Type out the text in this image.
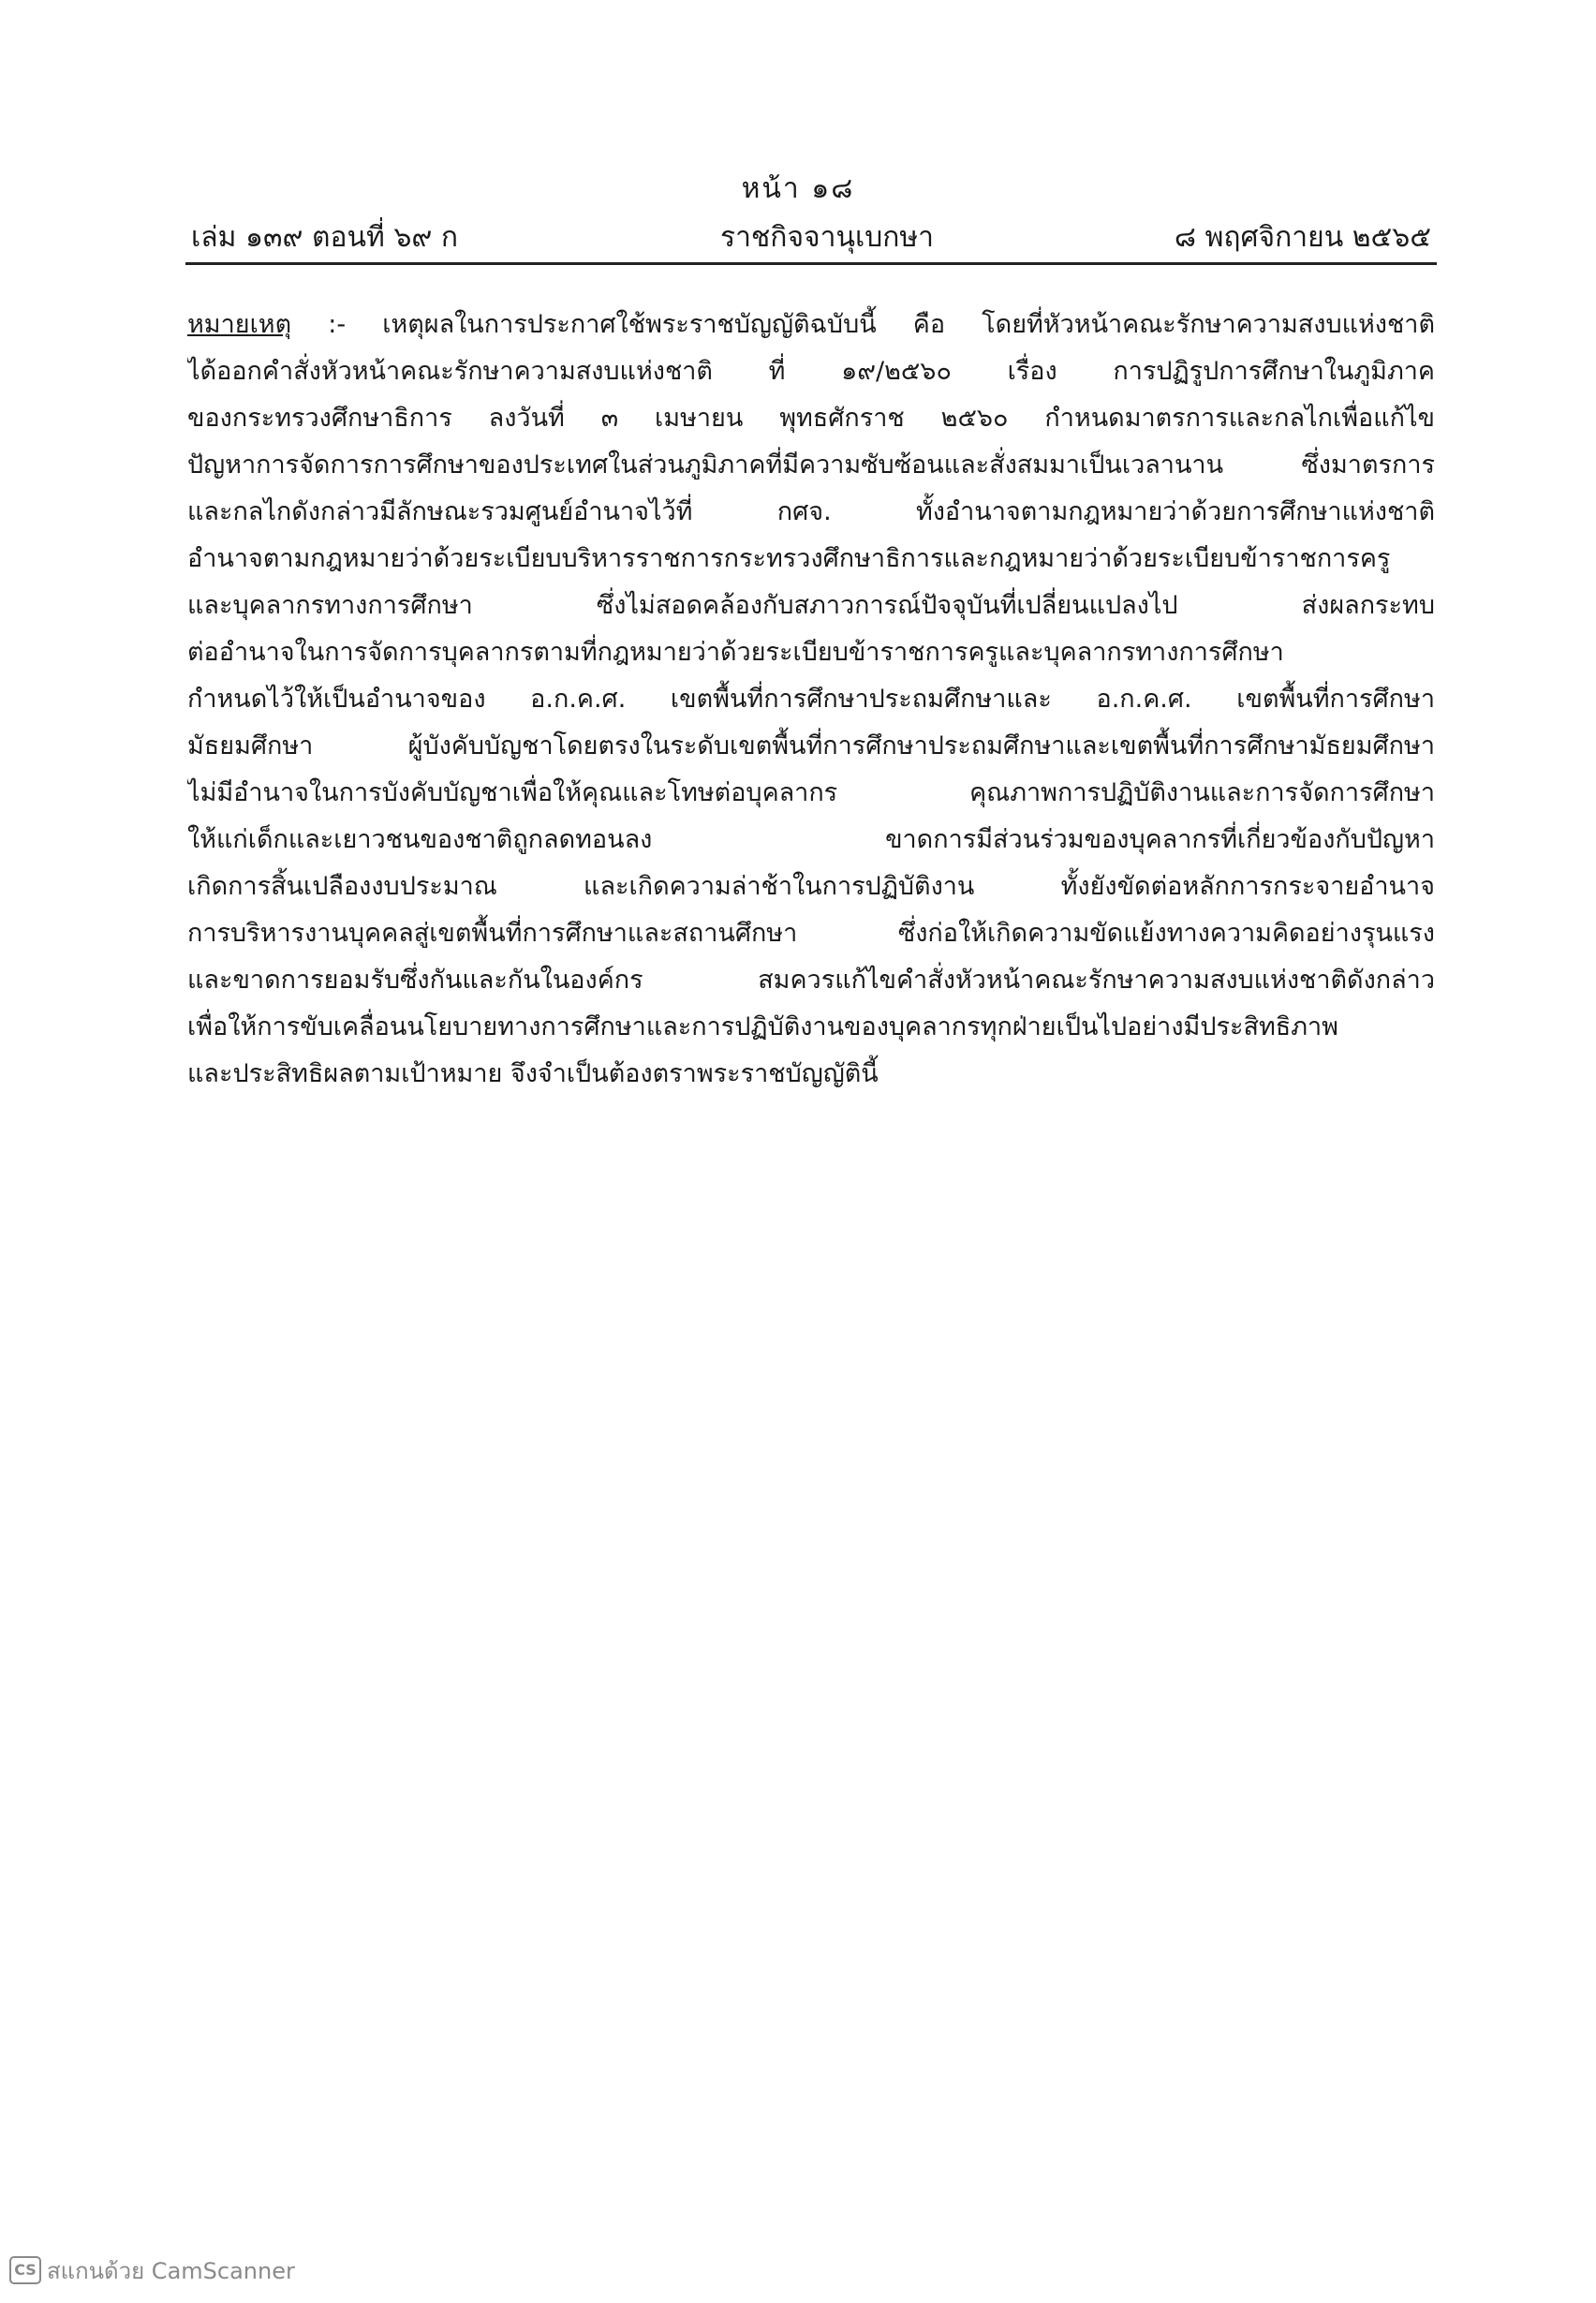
หน้า ๑๘
เล่ม ๑๓๙ ตอนที่ ๖๙ ก	ราชกิจจานุเบกษา	๘ พฤศจิกายน ๒๕๖๕
หมายเหตุ :- เหตุผลในการประกาศใช้พระราชบัญญัติฉบับนี้ คือ โดยที่หัวหน้าคณะรักษาความสงบแห่งชาติ
ได้ออกคำสั่งหัวหน้าคณะรักษาความสงบแห่งชาติ ที่ ๑๙/๒๕๖๐ เรื่อง การปฏิรูปการศึกษาในภูมิภาค
ของกระทรวงศึกษาธิการ ลงวันที่ ๓ เมษายน พุทธศักราช ๒๕๖๐ กำหนดมาตรการและกลไกเพื่อแก้ไข
ปัญหาการจัดการการศึกษาของประเทศในส่วนภูมิภาคที่มีความซับซ้อนและสั่งสมมาเป็นเวลานาน ซึ่งมาตรการ
และกลไกดังกล่าวมีลักษณะรวมศูนย์อำนาจไว้ที่ กศจ. ทั้งอำนาจตามกฎหมายว่าด้วยการศึกษาแห่งชาติ
อำนาจตามกฎหมายว่าด้วยระเบียบบริหารราชการกระทรวงศึกษาธิการและกฎหมายว่าด้วยระเบียบข้าราชการครู
และบุคลากรทางการศึกษา ซึ่งไม่สอดคล้องกับสภาวการณ์ปัจจุบันที่เปลี่ยนแปลงไป ส่งผลกระทบ
ต่ออำนาจในการจัดการบุคลากรตามที่กฎหมายว่าด้วยระเบียบข้าราชการครูและบุคลากรทางการศึกษา
กำหนดไว้ให้เป็นอำนาจของ อ.ก.ค.ศ. เขตพื้นที่การศึกษาประถมศึกษาและ อ.ก.ค.ศ. เขตพื้นที่การศึกษา
มัธยมศึกษา ผู้บังคับบัญชาโดยตรงในระดับเขตพื้นที่การศึกษาประถมศึกษาและเขตพื้นที่การศึกษามัธยมศึกษา
ไม่มีอำนาจในการบังคับบัญชาเพื่อให้คุณและโทษต่อบุคลากร คุณภาพการปฏิบัติงานและการจัดการศึกษา
ให้แก่เด็กและเยาวชนของชาติถูกลดทอนลง ขาดการมีส่วนร่วมของบุคลากรที่เกี่ยวข้องกับปัญหา
เกิดการสิ้นเปลืองงบประมาณ และเกิดความล่าช้าในการปฏิบัติงาน ทั้งยังขัดต่อหลักการกระจายอำนาจ
การบริหารงานบุคคลสู่เขตพื้นที่การศึกษาและสถานศึกษา ซึ่งก่อให้เกิดความขัดแย้งทางความคิดอย่างรุนแรง
และขาดการยอมรับซึ่งกันและกันในองค์กร สมควรแก้ไขคำสั่งหัวหน้าคณะรักษาความสงบแห่งชาติดังกล่าว
เพื่อให้การขับเคลื่อนนโยบายทางการศึกษาและการปฏิบัติงานของบุคลากรทุกฝ่ายเป็นไปอย่างมีประสิทธิภาพ
และประสิทธิผลตามเป้าหมาย จึงจำเป็นต้องตราพระราชบัญญัตินี้
CS สแกนด้วย CamScanner
